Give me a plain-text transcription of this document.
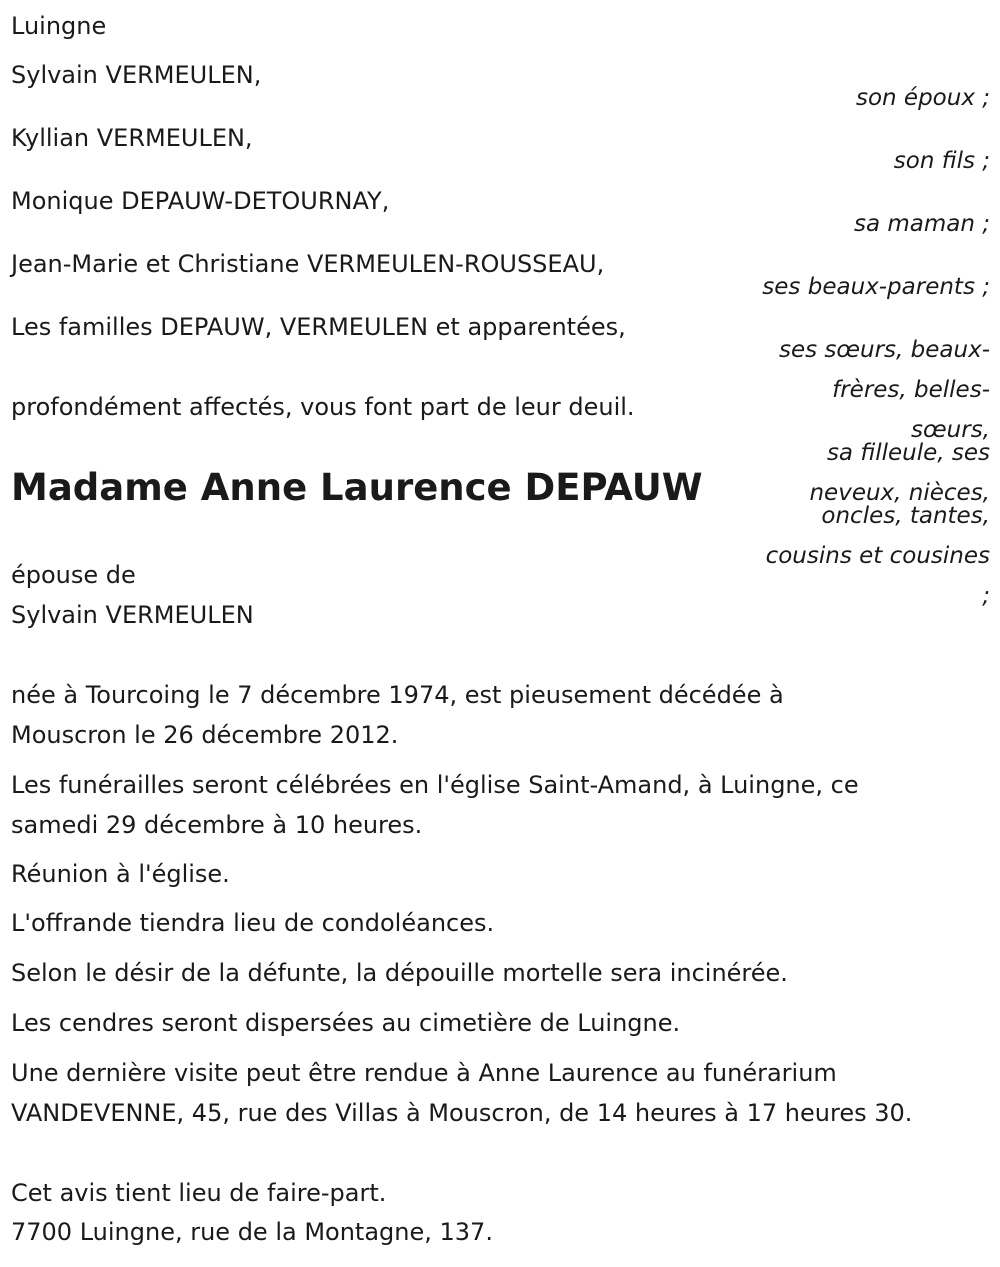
Luingne
Sylvain VERMEULEN,
son époux ;
Kyllian VERMEULEN,
son fils ;
Monique DEPAUW-DETOURNAY,
sa maman ;
Jean-Marie et Christiane VERMEULEN-ROUSSEAU,
ses beaux-parents ;
Les familles DEPAUW, VERMEULEN et apparentées,
ses sœurs, beaux-
frères, belles-
sœurs,
sa filleule, ses
neveux, nièces,
oncles, tantes,
cousins et cousines
;
profondément affectés, vous font part de leur deuil.
Madame Anne Laurence DEPAUW
épouse de
Sylvain VERMEULEN
née à Tourcoing le 7 décembre 1974, est pieusement décédée à
Mouscron le 26 décembre 2012.
Les funérailles seront célébrées en l'église Saint-Amand, à Luingne, ce
samedi 29 décembre à 10 heures.
Réunion à l'église.
L'offrande tiendra lieu de condoléances.
Selon le désir de la défunte, la dépouille mortelle sera incinérée.
Les cendres seront dispersées au cimetière de Luingne.
Une dernière visite peut être rendue à Anne Laurence au funérarium
VANDEVENNE, 45, rue des Villas à Mouscron, de 14 heures à 17 heures 30.
Cet avis tient lieu de faire-part.
7700 Luingne, rue de la Montagne, 137.
